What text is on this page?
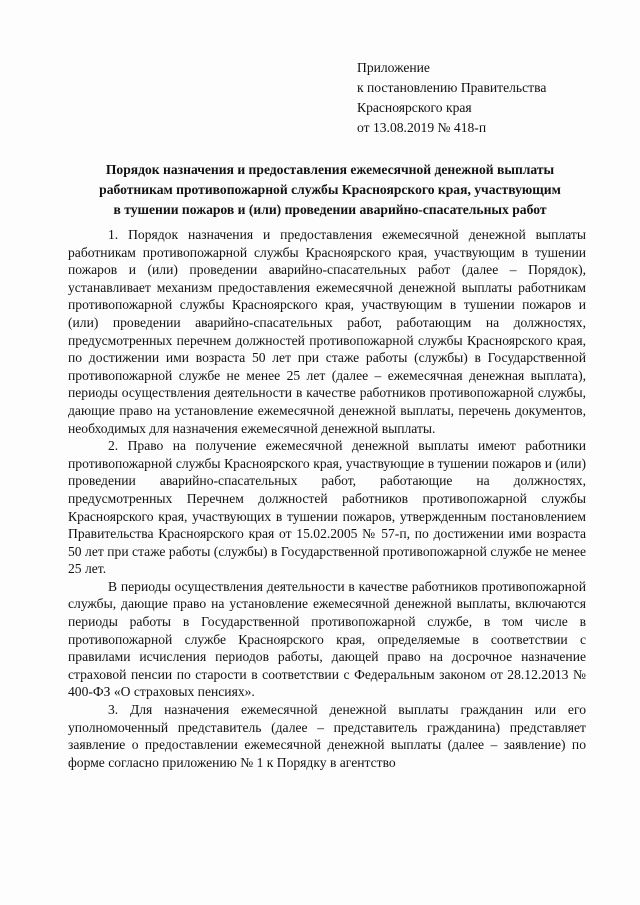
Приложение
к постановлению Правительства
Красноярского края
от 13.08.2019 № 418-п
Порядок назначения и предоставления ежемесячной денежной выплаты
работникам противопожарной службы Красноярского края, участвующим
в тушении пожаров и (или) проведении аварийно-спасательных работ

1. Порядок назначения и предоставления ежемесячной денежной выплаты работникам противопожарной службы Красноярского края, участвующим в тушении пожаров и (или) проведении аварийно-спасательных работ (далее – Порядок), устанавливает механизм предоставления ежемесячной денежной выплаты работникам противопожарной службы Красноярского края, участвующим в тушении пожаров и (или) проведении аварийно-спасательных работ, работающим на должностях, предусмотренных перечнем должностей противопожарной службы Красноярского края, по достижении ими возраста 50 лет при стаже работы (службы) в Государственной противопожарной службе не менее 25 лет (далее – ежемесячная денежная выплата), периоды осуществления деятельности в качестве работников противопожарной службы, дающие право на установление ежемесячной денежной выплаты, перечень документов, необходимых для назначения ежемесячной денежной выплаты.

2. Право на получение ежемесячной денежной выплаты имеют работники противопожарной службы Красноярского края, участвующие в тушении пожаров и (или) проведении аварийно-спасательных работ, работающие на должностях, предусмотренных Перечнем должностей работников противопожарной службы Красноярского края, участвующих в тушении пожаров, утвержденным постановлением Правительства Красноярского края от 15.02.2005 № 57-п, по достижении ими возраста 50 лет при стаже работы (службы) в Государственной противопожарной службе не менее 25 лет.

В периоды осуществления деятельности в качестве работников противопожарной службы, дающие право на установление ежемесячной денежной выплаты, включаются периоды работы в Государственной противопожарной службе, в том числе в противопожарной службе Красноярского края, определяемые в соответствии с правилами исчисления периодов работы, дающей право на досрочное назначение страховой пенсии по старости в соответствии с Федеральным законом от 28.12.2013 № 400-ФЗ «О страховых пенсиях».

3. Для назначения ежемесячной денежной выплаты гражданин или его уполномоченный представитель (далее – представитель гражданина) представляет заявление о предоставлении ежемесячной денежной выплаты (далее – заявление) по форме согласно приложению № 1 к Порядку в агентство
